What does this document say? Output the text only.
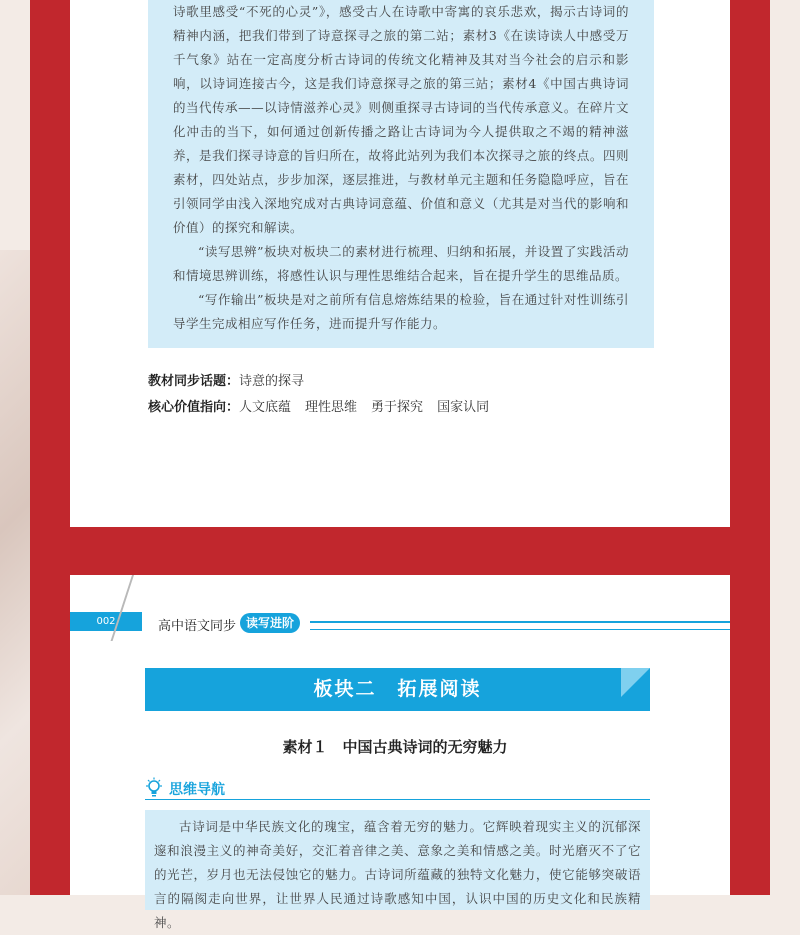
诗歌里感受“不死的心灵”》，感受古人在诗歌中寄寓的哀乐悲欢，揭示古诗词的精神内涵，把我们带到了诗意探寻之旅的第二站；素材3《在读诗读人中感受万千气象》站在一定高度分析古诗词的传统文化精神及其对当今社会的启示和影响，以诗词连接古今，这是我们诗意探寻之旅的第三站；素材4《中国古典诗词的当代传承——以诗情滋养心灵》则侧重探寻古诗词的当代传承意义。在碎片文化冲击的当下，如何通过创新传播之路让古诗词为今人提供取之不竭的精神滋养，是我们探寻诗意的旨归所在，故将此站列为我们本次探寻之旅的终点。四则素材，四处站点，步步加深，逐层推进，与教材单元主题和任务隐隐呼应，旨在引领同学由浅入深地究成对古典诗词意蕴、价值和意义（尤其是对当代的影响和价值）的探究和解读。

“读写思辨”板块对板块二的素材进行梳理、归纳和拓展，并设置了实践活动和情境思辨训练，将感性认识与理性思维结合起来，旨在提升学生的思维品质。

“写作输出”板块是对之前所有信息熔炼结果的检验，旨在通过针对性训练引导学生完成相应写作任务，进而提升写作能力。

教材同步话题：诗意的探寻
核心价值指向：人文底蕴 理性思维 勇于探究 国家认同
002	高中语文同步 读写进阶
板块二　拓展阅读
素材１　中国古典诗词的无穷魅力
思维导航

古诗词是中华民族文化的瑰宝，蕴含着无穷的魅力。它辉映着现实主义的沉郁深邃和浪漫主义的神奇美好，交汇着音律之美、意象之美和情感之美。时光磨灭不了它的光芒，岁月也无法侵蚀它的魅力。古诗词所蕴藏的独特文化魅力，使它能够突破语言的隔阂走向世界，让世界人民通过诗歌感知中国，认识中国的历史文化和民族精神。
